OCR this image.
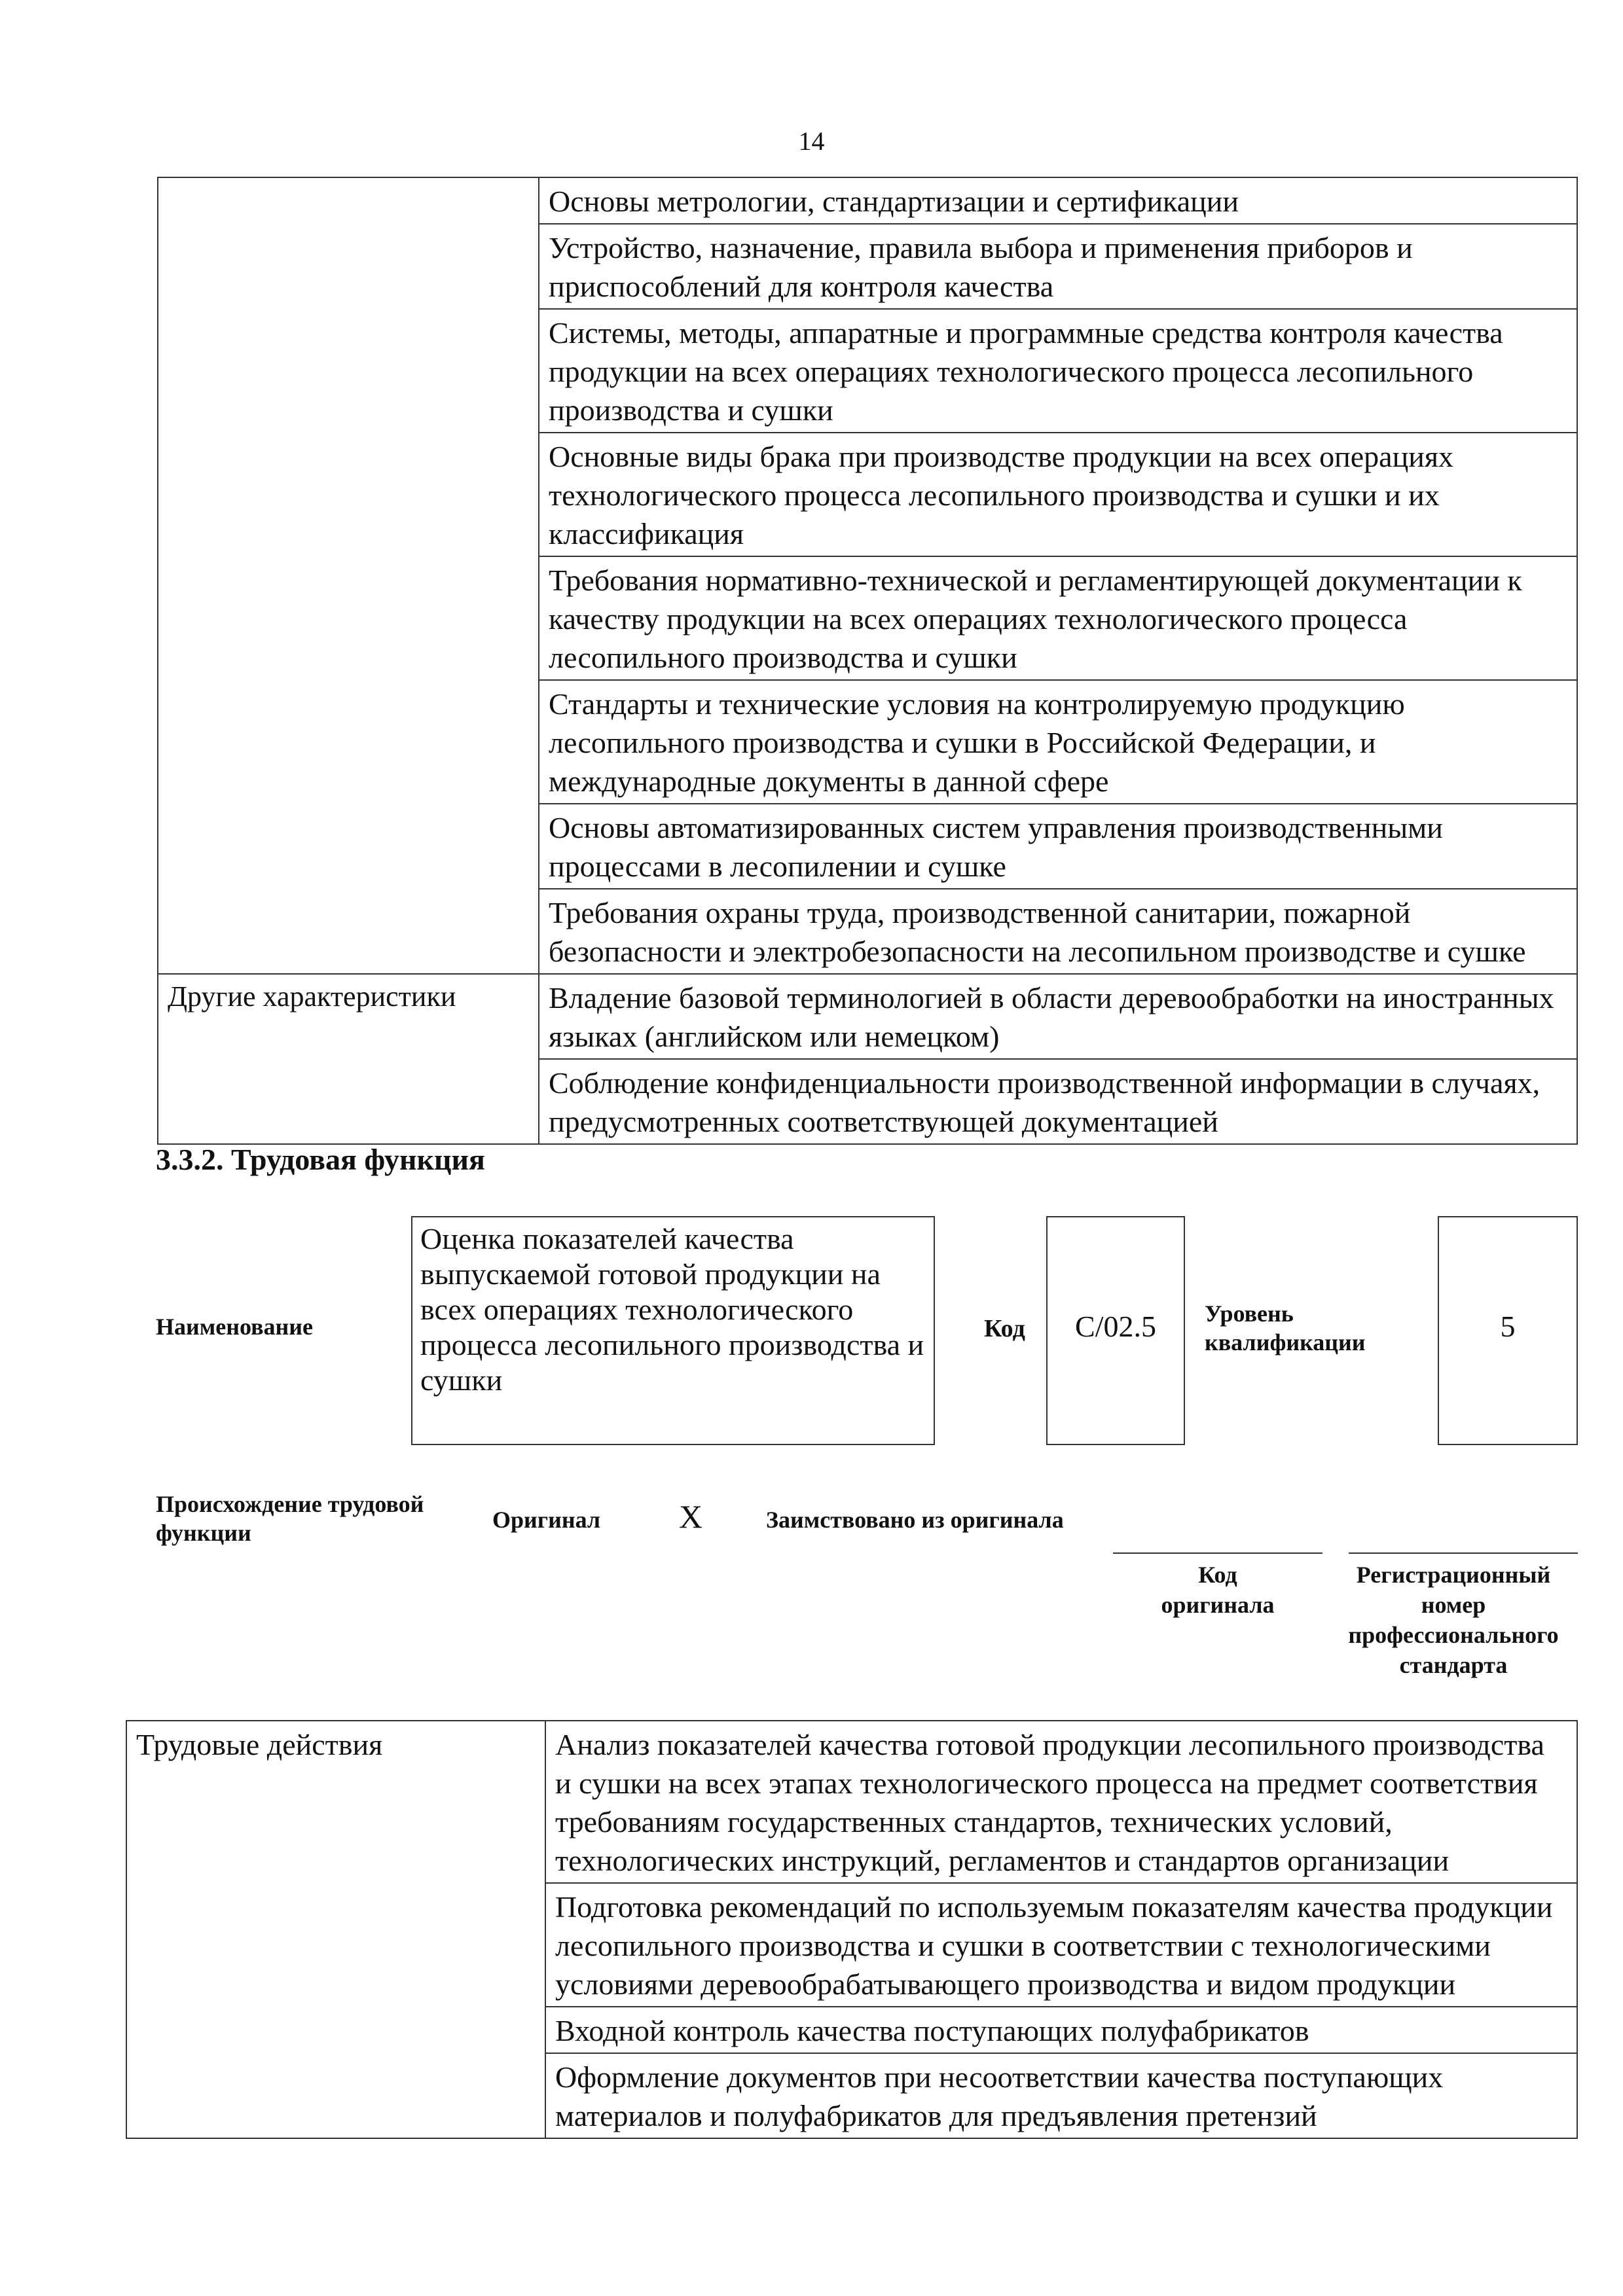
14
	Основы метрологии, стандартизации и сертификации
	Устройство, назначение, правила выбора и применения приборов и приспособлений для контроля качества
	Системы, методы, аппаратные и программные средства контроля качества продукции на всех операциях технологического процесса лесопильного производства и сушки
	Основные виды брака при производстве продукции на всех операциях технологического процесса лесопильного производства и сушки и их классификация
	Требования нормативно-технической и регламентирующей документации к качеству продукции на всех операциях технологического процесса лесопильного производства и сушки
	Стандарты и технические условия на контролируемую продукцию лесопильного производства и сушки в Российской Федерации, и международные документы в данной сфере
	Основы автоматизированных систем управления производственными процессами в лесопилении и сушке
	Требования охраны труда, производственной санитарии, пожарной безопасности и электробезопасности на лесопильном производстве и сушке
Другие характеристики	Владение базовой терминологией в области деревообработки на иностранных языках (английском или немецком)
	Соблюдение конфиденциальности производственной информации в случаях, предусмотренных соответствующей документацией
3.3.2. Трудовая функция
Наименование
Оценка показателей качества выпускаемой готовой продукции на всех операциях технологического процесса лесопильного производства и сушки
Код	C/02.5	Уровень квалификации	5
Происхождение трудовой функции	Оригинал X	Заимствовано из оригинала
Код оригинала
Регистрационный номер профессионального стандарта
Трудовые действия	Анализ показателей качества готовой продукции лесопильного производства и сушки на всех этапах технологического процесса на предмет соответствия требованиям государственных стандартов, технических условий, технологических инструкций, регламентов и стандартов организации
Подготовка рекомендаций по используемым показателям качества продукции лесопильного производства и сушки в соответствии с технологическими условиями деревообрабатывающего производства и видом продукции
Входной контроль качества поступающих полуфабрикатов
Оформление документов при несоответствии качества поступающих материалов и полуфабрикатов для предъявления претензий
